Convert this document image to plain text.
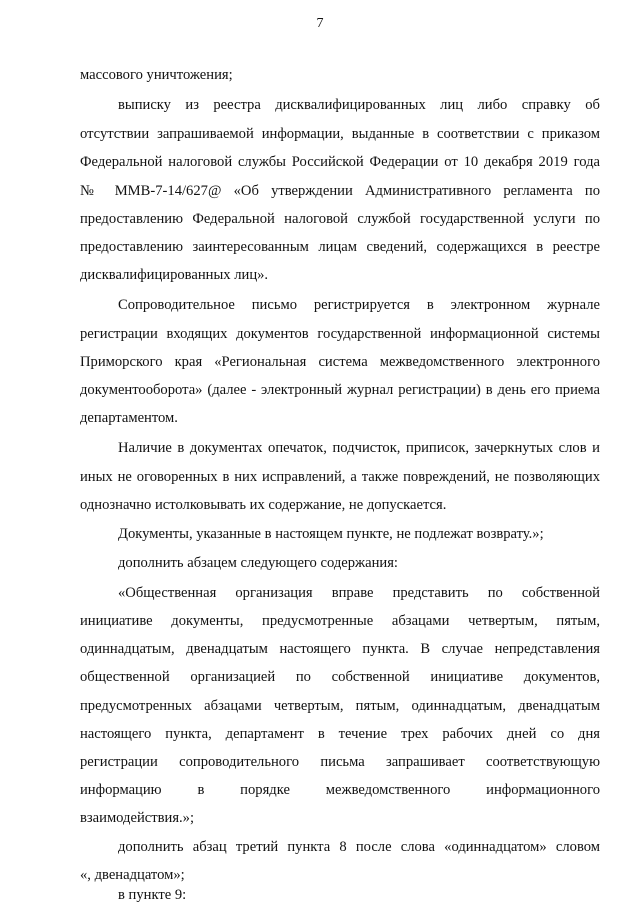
7
массового уничтожения;
выписку из реестра дисквалифицированных лиц либо справку об
отсутствии запрашиваемой информации, выданные в соответствии с приказом
Федеральной налоговой службы Российской Федерации от 10 декабря 2019 года
№ ММВ-7-14/627@ «Об утверждении Административного регламента по
предоставлению Федеральной налоговой службой государственной услуги по
предоставлению заинтересованным лицам сведений, содержащихся в реестре
дисквалифицированных лиц».
Сопроводительное письмо регистрируется в электронном журнале
регистрации входящих документов государственной информационной системы
Приморского края «Региональная система межведомственного электронного
документооборота» (далее - электронный журнал регистрации) в день его приема
департаментом.
Наличие в документах опечаток, подчисток, приписок, зачеркнутых слов и
иных не оговоренных в них исправлений, а также повреждений, не позволяющих
однозначно истолковывать их содержание, не допускается.
Документы, указанные в настоящем пункте, не подлежат возврату.»;
дополнить абзацем следующего содержания:
«Общественная организация вправе представить по собственной
инициативе документы, предусмотренные абзацами четвертым, пятым,
одиннадцатым, двенадцатым настоящего пункта. В случае непредставления
общественной организацией по собственной инициативе документов,
предусмотренных абзацами четвертым, пятым, одиннадцатым, двенадцатым
настоящего пункта, департамент в течение трех рабочих дней со дня
регистрации сопроводительного письма запрашивает соответствующую
информацию в порядке межведомственного информационного
взаимодействия.»;
дополнить абзац третий пункта 8 после слова «одиннадцатом» словом
«, двенадцатом»;
в пункте 9:
